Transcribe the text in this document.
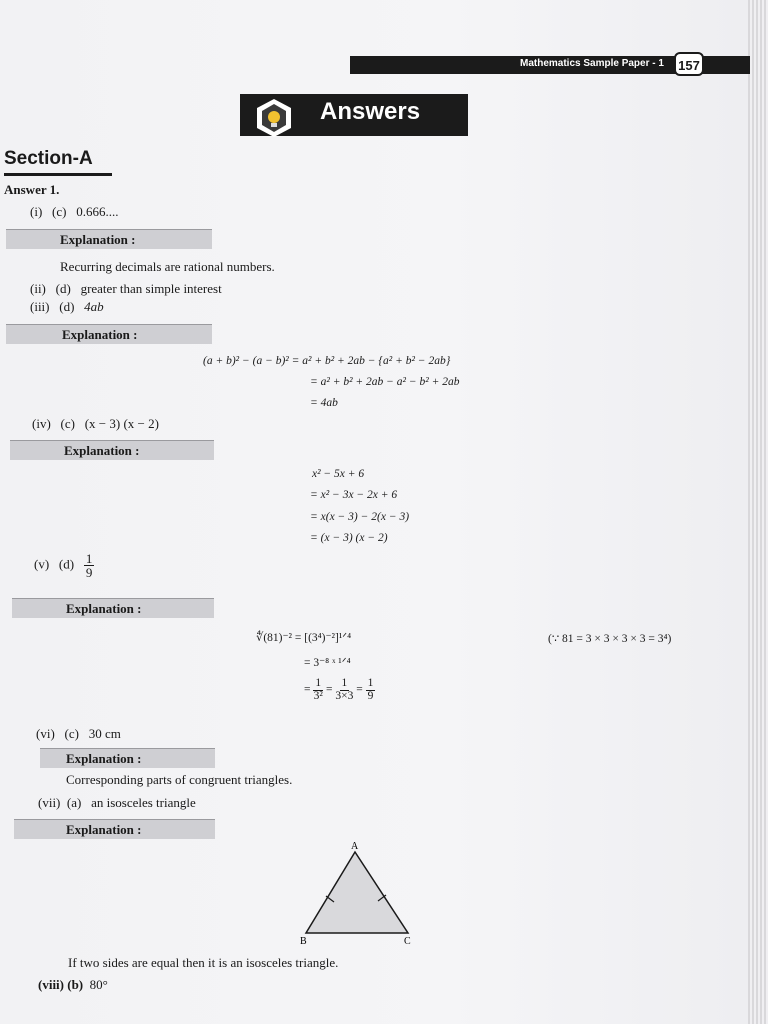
Mathematics Sample Paper - 1	157
Answers
Section-A
Answer 1.
(i) (c) 0.666....
Explanation :
Recurring decimals are rational numbers.
(ii) (d) greater than simple interest
(iii) (d) 4ab
Explanation :
(a + b)² − (a − b)² = a² + b² + 2ab − {a² + b² − 2ab}
= a² + b² + 2ab − a² − b² + 2ab
= 4ab
(iv) (c) (x − 3) (x − 2)
Explanation :
x² − 5x + 6
= x² − 3x − 2x + 6
= x(x − 3) − 2(x − 3)
= (x − 3) (x − 2)
(v) $(d) \frac{1}{9}$
Explanation :
∜(81)⁻² = [(3⁴)⁻²]¹ᐟ⁴
= 3⁻⁸ ˣ ¹ᐟ⁴
= $\frac{1}{\text{3²}} = \frac{1}{3\times 3} = \frac{1}{9}$
(∵ 81 = 3 × 3 × 3 × 3 = 3⁴)
(vi) (c) 30 cm
Explanation :
Corresponding parts of congruent triangles.
(vii) (a) an isosceles triangle
Explanation :
A
B	C
If two sides are equal then it is an isosceles triangle.
(viii) (b) 80°
